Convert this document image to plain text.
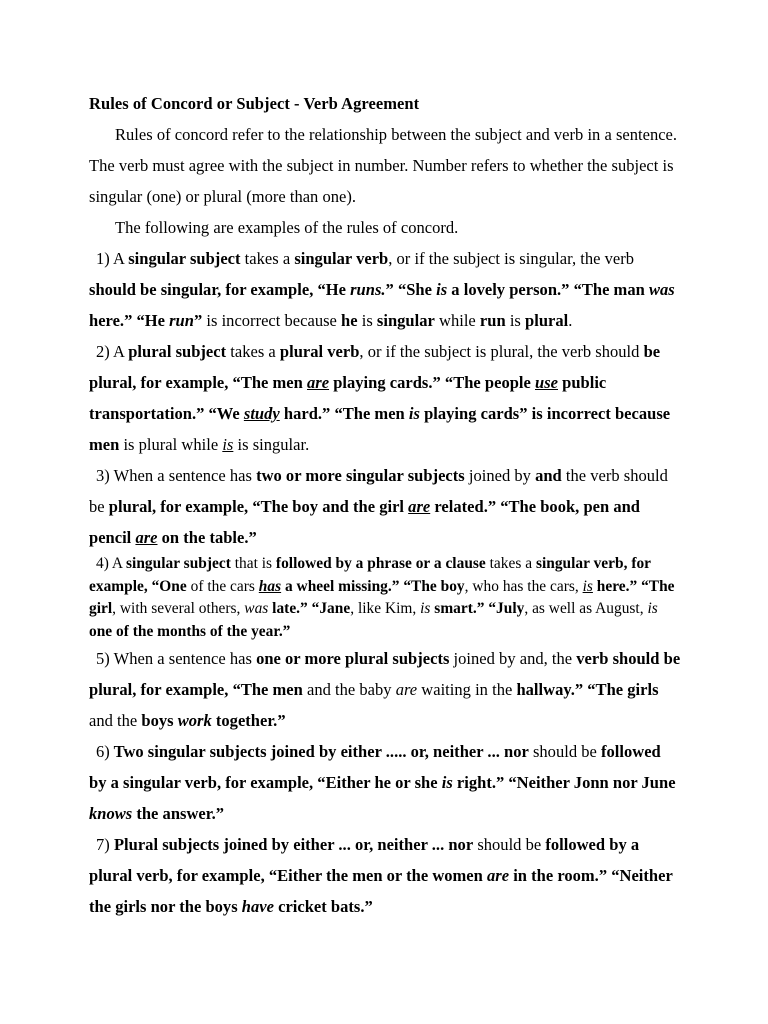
Rules of Concord or Subject - Verb Agreement

Rules of concord refer to the relationship between the subject and verb in a sentence. The verb must agree with the subject in number. Number refers to whether the subject is singular (one) or plural (more than one).

The following are examples of the rules of concord.

1) A singular subject takes a singular verb, or if the subject is singular, the verb should be singular, for example, “He runs.” “She is a lovely person.” “The man was here.” “He run” is incorrect because he is singular while run is plural.

2) A plural subject takes a plural verb, or if the subject is plural, the verb should be plural, for example, “The men are playing cards.” “The people use public transportation.” “We study hard.” “The men is playing cards” is incorrect because men is plural while is is singular.

3) When a sentence has two or more singular subjects joined by and the verb should be plural, for example, “The boy and the girl are related.” “The book, pen and pencil are on the table.”

4) A singular subject that is followed by a phrase or a clause takes a singular verb, for example, “One of the cars has a wheel missing.” “The boy, who has the cars, is here.” “The girl, with several others, was late.” “Jane, like Kim, is smart.” “July, as well as August, is one of the months of the year.”

5) When a sentence has one or more plural subjects joined by and, the verb should be plural, for example, “The men and the baby are waiting in the hallway.” “The girls and the boys work together.”

6) Two singular subjects joined by either ..... or, neither ... nor should be followed by a singular verb, for example, “Either he or she is right.” “Neither Jonn nor June knows the answer.”

7) Plural subjects joined by either ... or, neither ... nor should be followed by a plural verb, for example, “Either the men or the women are in the room.” “Neither the girls nor the boys have cricket bats.”
